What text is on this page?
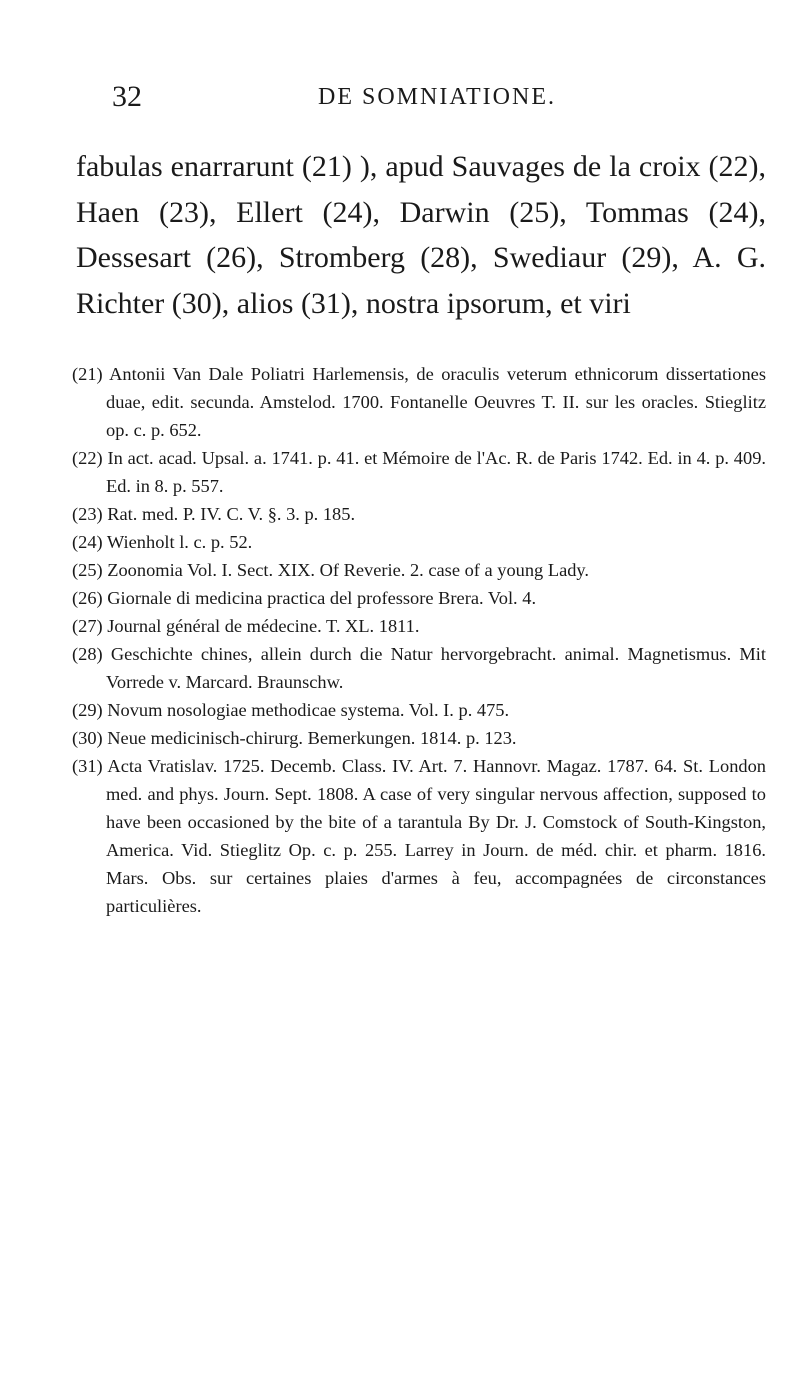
32	DE SOMNIATIONE.

fabulas enarrarunt (21) ), apud Sauvages de la croix (22), Haen (23), Ellert (24), Darwin (25), Tommas (24), Dessesart (26), Stromberg (28), Swediaur (29), A. G. Richter (30), alios (31), nostra ipsorum, et viri

(21) Antonii Van Dale Poliatri Harlemensis, de oraculis veterum ethnicorum dissertationes duae, edit. secunda. Amstelod. 1700. Fontanelle Oeuvres T. II. sur les oracles. Stieglitz op. c. p. 652.

(22) In act. acad. Upsal. a. 1741. p. 41. et Mémoire de l'Ac. R. de Paris 1742. Ed. in 4. p. 409. Ed. in 8. p. 557.

(23) Rat. med. P. IV. C. V. §. 3. p. 185.

(24) Wienholt l. c. p. 52.

(25) Zoonomia Vol. I. Sect. XIX. Of Reverie. 2. case of a young Lady.

(26) Giornale di medicina practica del professore Brera. Vol. 4.

(27) Journal général de médecine. T. XL. 1811.

(28) Geschichte chines, allein durch die Natur hervorgebracht. animal. Magnetismus. Mit Vorrede v. Marcard. Braunschw.

(29) Novum nosologiae methodicae systema. Vol. I. p. 475.

(30) Neue medicinisch-chirurg. Bemerkungen. 1814. p. 123.

(31) Acta Vratislav. 1725. Decemb. Class. IV. Art. 7. Hannovr. Magaz. 1787. 64. St. London med. and phys. Journ. Sept. 1808. A case of very singular nervous affection, supposed to have been occasioned by the bite of a tarantula By Dr. J. Comstock of South-Kingston, America. Vid. Stieglitz Op. c. p. 255. Larrey in Journ. de méd. chir. et pharm. 1816. Mars. Obs. sur certaines plaies d'armes à feu, accompagnées de circonstances particulières.
